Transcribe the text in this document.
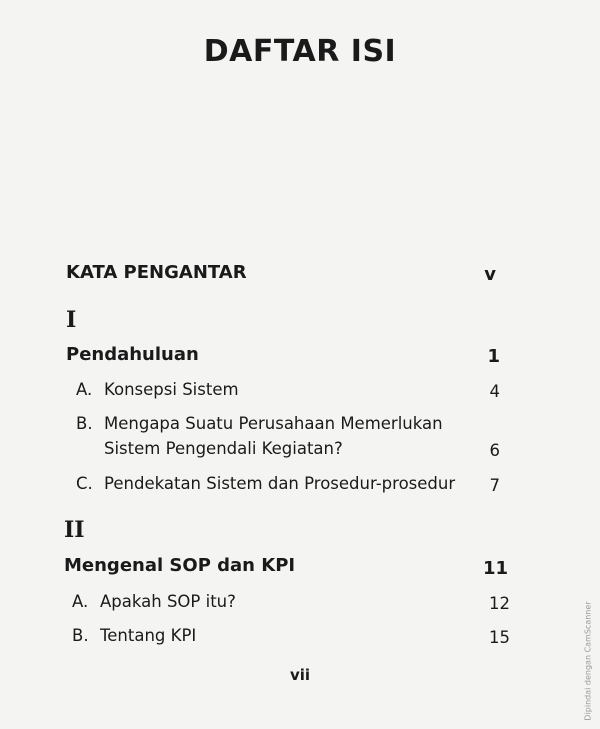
DAFTAR ISI
KATA PENGANTAR	v
I
Pendahuluan	1
A. Konsepsi Sistem	4
B. Mengapa Suatu Perusahaan Memerlukan
Sistem Pengendali Kegiatan?	6
C. Pendekatan Sistem dan Prosedur-prosedur 7
II
Mengenal SOP dan KPI	11
A. Apakah SOP itu?	12
B. Tentang KPI	15
vii	Dipindai dengan CamScanner
